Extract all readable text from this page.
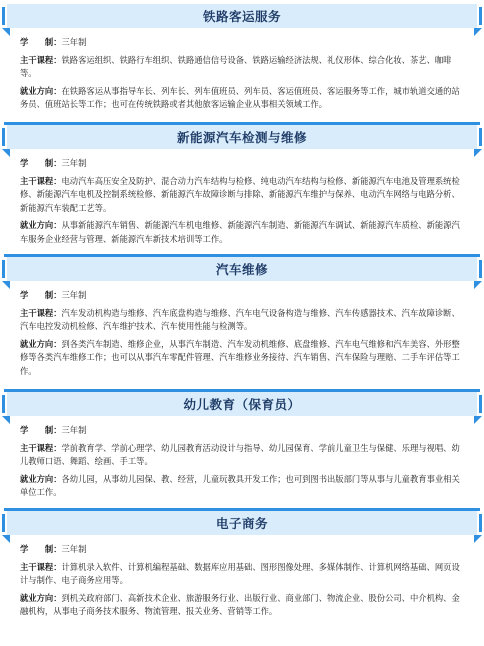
铁路客运服务
学　　制：三年制
主干课程：铁路客运组织、铁路行车组织、铁路通信信号设备、铁路运输经济法规、礼仪形体、综合化妆、茶艺、咖啡等。
就业方向：在铁路客运从事指导车长、列车长、列车值班员、列车员、客运值班员、客运服务等工作，城市轨道交通的站务员、值班站长等工作；也可在传统铁路或者其他旅客运输企业从事相关领域工作。
新能源汽车检测与维修
学　　制：三年制
主干课程：电动汽车高压安全及防护、混合动力汽车结构与检修、纯电动汽车结构与检修、新能源汽车电池及管理系统检修、新能源汽车电机及控制系统检修、新能源汽车故障诊断与排除、新能源汽车维护与保养、电动汽车网络与电路分析、新能源汽车装配工艺等。
就业方向：从事新能源汽车销售、新能源汽车机电维修、新能源汽车制造、新能源汽车调试、新能源汽车质检、新能源汽车服务企业经营与管理、新能源汽车新技术培训等工作。
汽车维修
学　　制：三年制
主干课程：汽车发动机构造与维修、汽车底盘构造与维修、汽车电气设备构造与维修、汽车传感器技术、汽车故障诊断、汽车电控发动机检修、汽车维护技术、汽车使用性能与检测等。
就业方向：到各类汽车制造、维修企业，从事汽车制造、汽车发动机维修、底盘维修、汽车电气维修和汽车美容、外形整修等各类汽车维修工作；也可以从事汽车零配件管理、汽车维修业务接待、汽车销售、汽车保险与理赔、二手车评估等工作。
幼儿教育（保育员）
学　　制：三年制
主干课程：学前教育学、学前心理学、幼儿园教育活动设计与指导、幼儿园保育、学前儿童卫生与保健、乐理与视唱、幼儿教师口语、舞蹈、绘画、手工等。
就业方向：各幼儿园，从事幼儿园保、教、经营，儿童玩教具开发工作；也可到图书出版部门等从事与儿童教育事业相关单位工作。
电子商务
学　　制：三年制
主干课程：计算机录入软件、计算机编程基础、数据库应用基础、图形图像处理、多媒体制作、计算机网络基础、网页设计与制作、电子商务应用等。
就业方向：到机关政府部门、高新技术企业、旅游服务行业、出版行业、商业部门、物流企业、股份公司、中介机构、金融机构，从事电子商务技术服务、物流管理、报关业务、营销等工作。
